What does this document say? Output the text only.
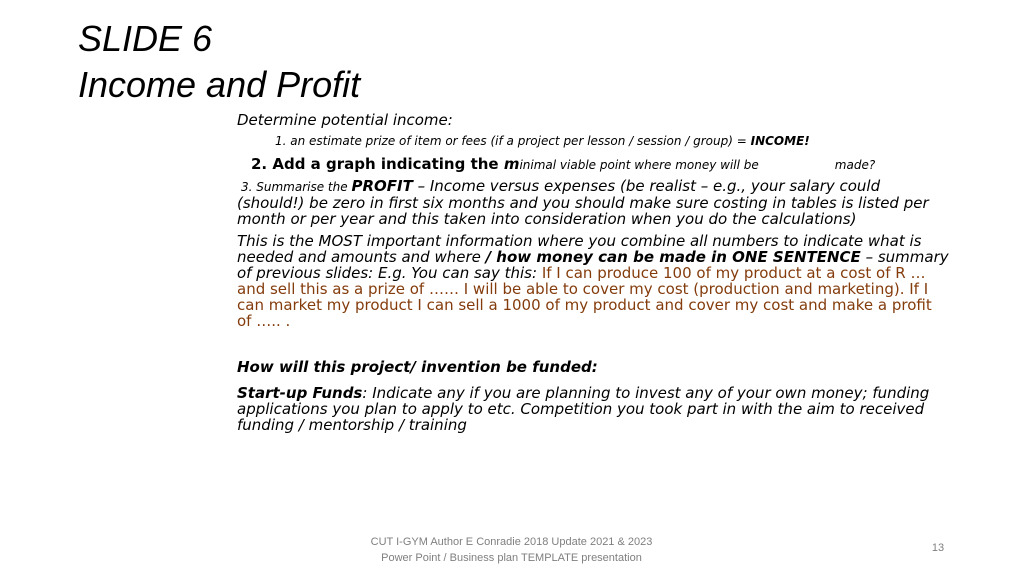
SLIDE 6
Income and Profit

Determine potential income:

1. an estimate prize of item or fees (if a project per lesson / session / group) = INCOME!

2. Add a graph indicating the minimal viable point where money will be	made?

3. Summarise the PROFIT – Income versus expenses (be realist – e.g., your salary could (should!) be zero in first six months and you should make sure costing in tables is listed per month or per year and this taken into consideration when you do the calculations)

This is the MOST important information where you combine all numbers to indicate what is needed and amounts and where / how money can be made in ONE SENTENCE – summary of previous slides: E.g. You can say this: If I can produce 100 of my product at a cost of R … and sell this as a prize of …… I will be able to cover my cost (production and marketing). If I can market my product I can sell a 1000 of my product and cover my cost and make a profit of ….. .

How will this project/ invention be funded:

Start-up Funds: Indicate any if you are planning to invest any of your own money; funding applications you plan to apply to etc. Competition you took part in with the aim to received funding / mentorship / training

CUT I-GYM Author E Conradie 2018 Update 2021 & 2023
Power Point / Business plan TEMPLATE presentation
13
